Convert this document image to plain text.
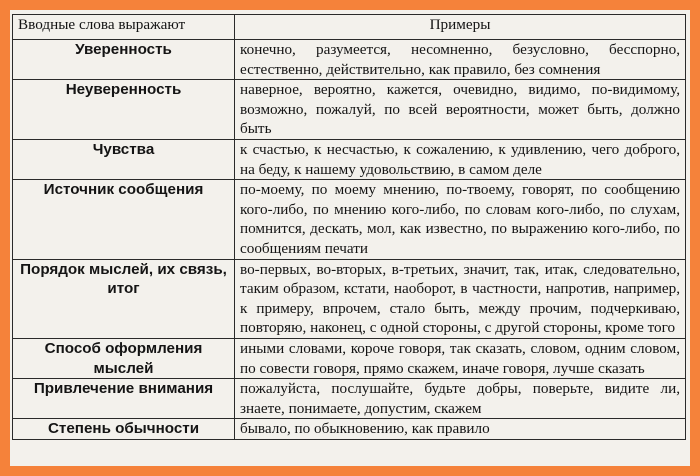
Вводные слова выражают	Примеры
Уверенность	конечно, разумеется, несомненно, безусловно, бесспорно, естественно, действительно, как правило, без сомнения
Неуверенность	наверное, вероятно, кажется, очевидно, видимо, по-видимому, возможно, пожалуй, по всей вероятности, может быть, должно быть
Чувства	к счастью, к несчастью, к сожалению, к удивлению, чего доброго, на беду, к нашему удовольствию, в самом деле
Источник сообщения	по-моему, по моему мнению, по-твоему, говорят, по сообщению кого-либо, по мнению кого-либо, по словам кого-либо, по слухам, помнится, дескать, мол, как известно, по выражению кого-либо, по сообщениям печати
Порядок мыслей, их связь, итог	во-первых, во-вторых, в-третьих, значит, так, итак, следовательно, таким образом, кстати, наоборот, в частности, напротив, например, к примеру, впрочем, стало быть, между прочим, подчеркиваю, повторяю, наконец, с одной стороны, с другой стороны, кроме того
Способ оформления мыслей	иными словами, короче говоря, так сказать, словом, одним словом, по совести говоря, прямо скажем, иначе говоря, лучше сказать
Привлечение внимания	пожалуйста, послушайте, будьте добры, поверьте, видите ли, знаете, понимаете, допустим, скажем
Степень обычности	бывало, по обыкновению, как правило
